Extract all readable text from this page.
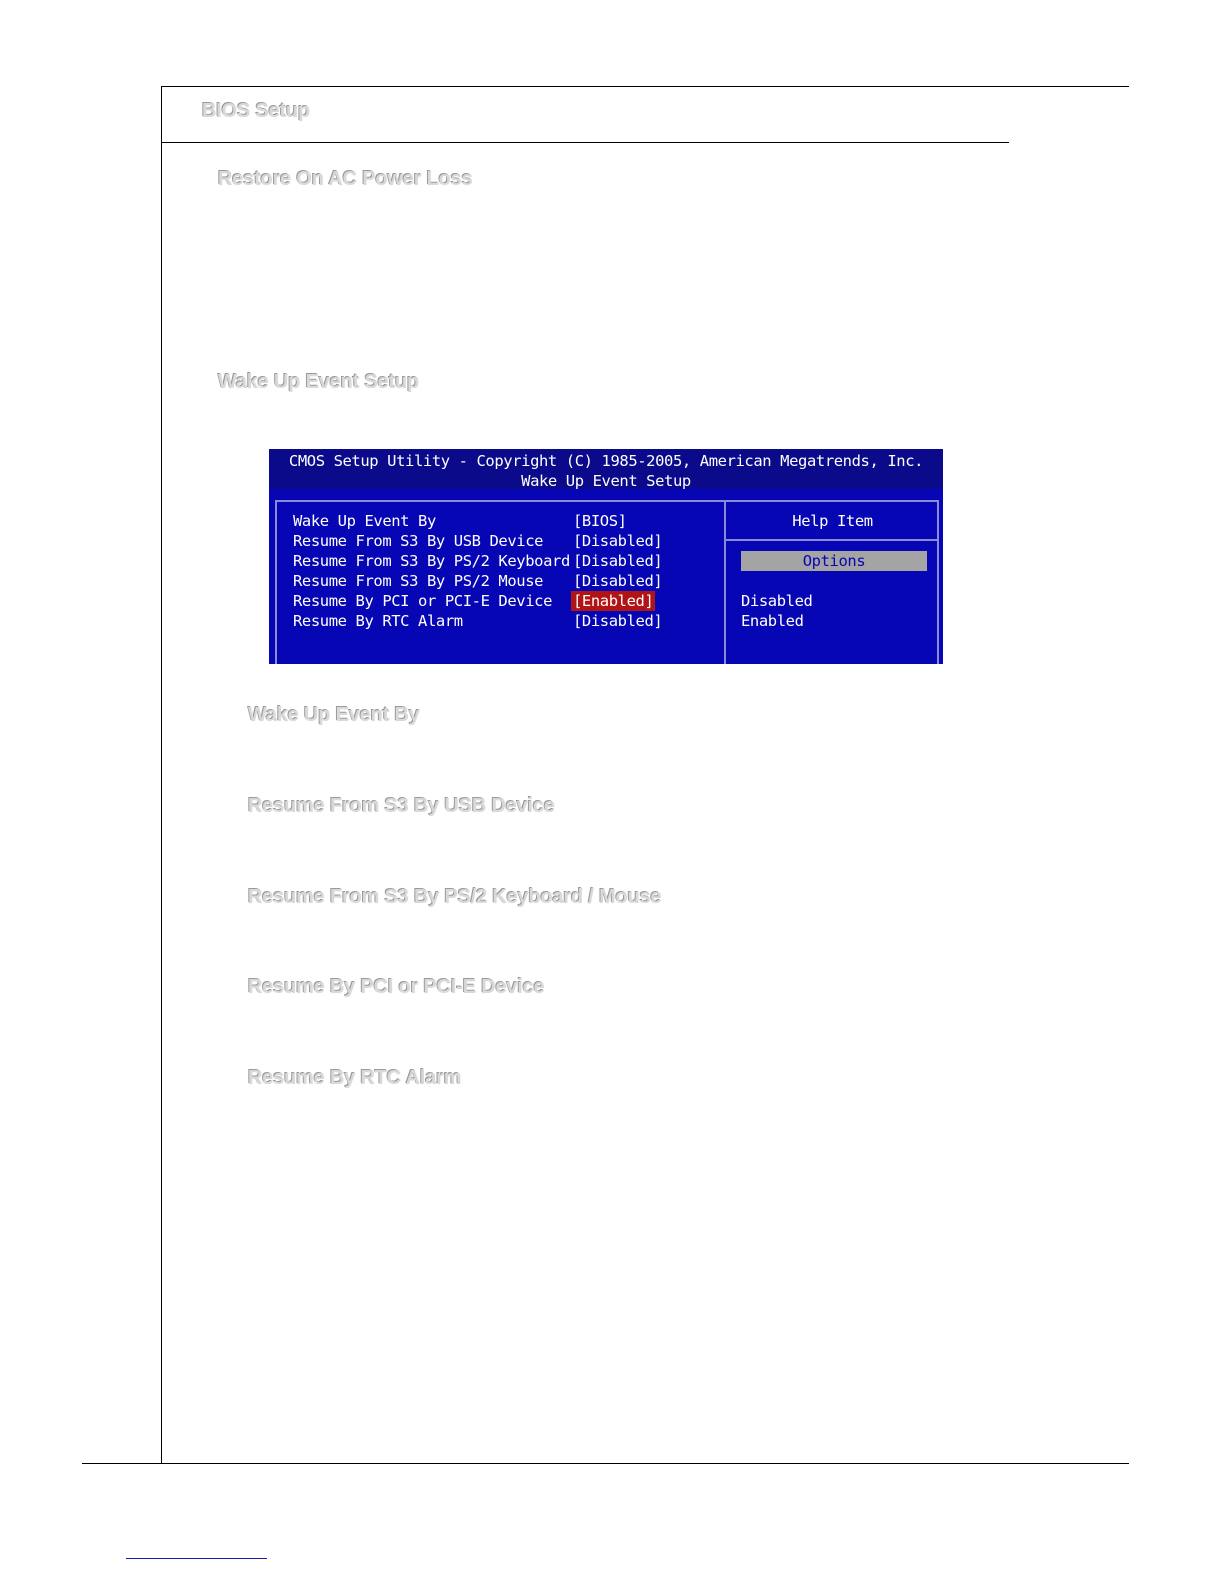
BIOS Setup
Restore On AC Power Loss
Wake Up Event Setup
CMOS Setup Utility - Copyright (C) 1985-2005, American Megatrends, Inc.
Wake Up Event Setup
Wake Up Event By	[BIOS]
Resume From S3 By USB Device [Disabled]
Resume From S3 By PS/2 Keyboard [Disabled]
Resume From S3 By PS/2 Mouse [Disabled]
Resume By PCI or PCI-E Device [Enabled]
Resume By RTC Alarm	[Disabled]
Help Item
Options
Disabled
Enabled
Wake Up Event By
Resume From S3 By USB Device
Resume From S3 By PS/2 Keyboard / Mouse
Resume By PCI or PCI-E Device
Resume By RTC Alarm
